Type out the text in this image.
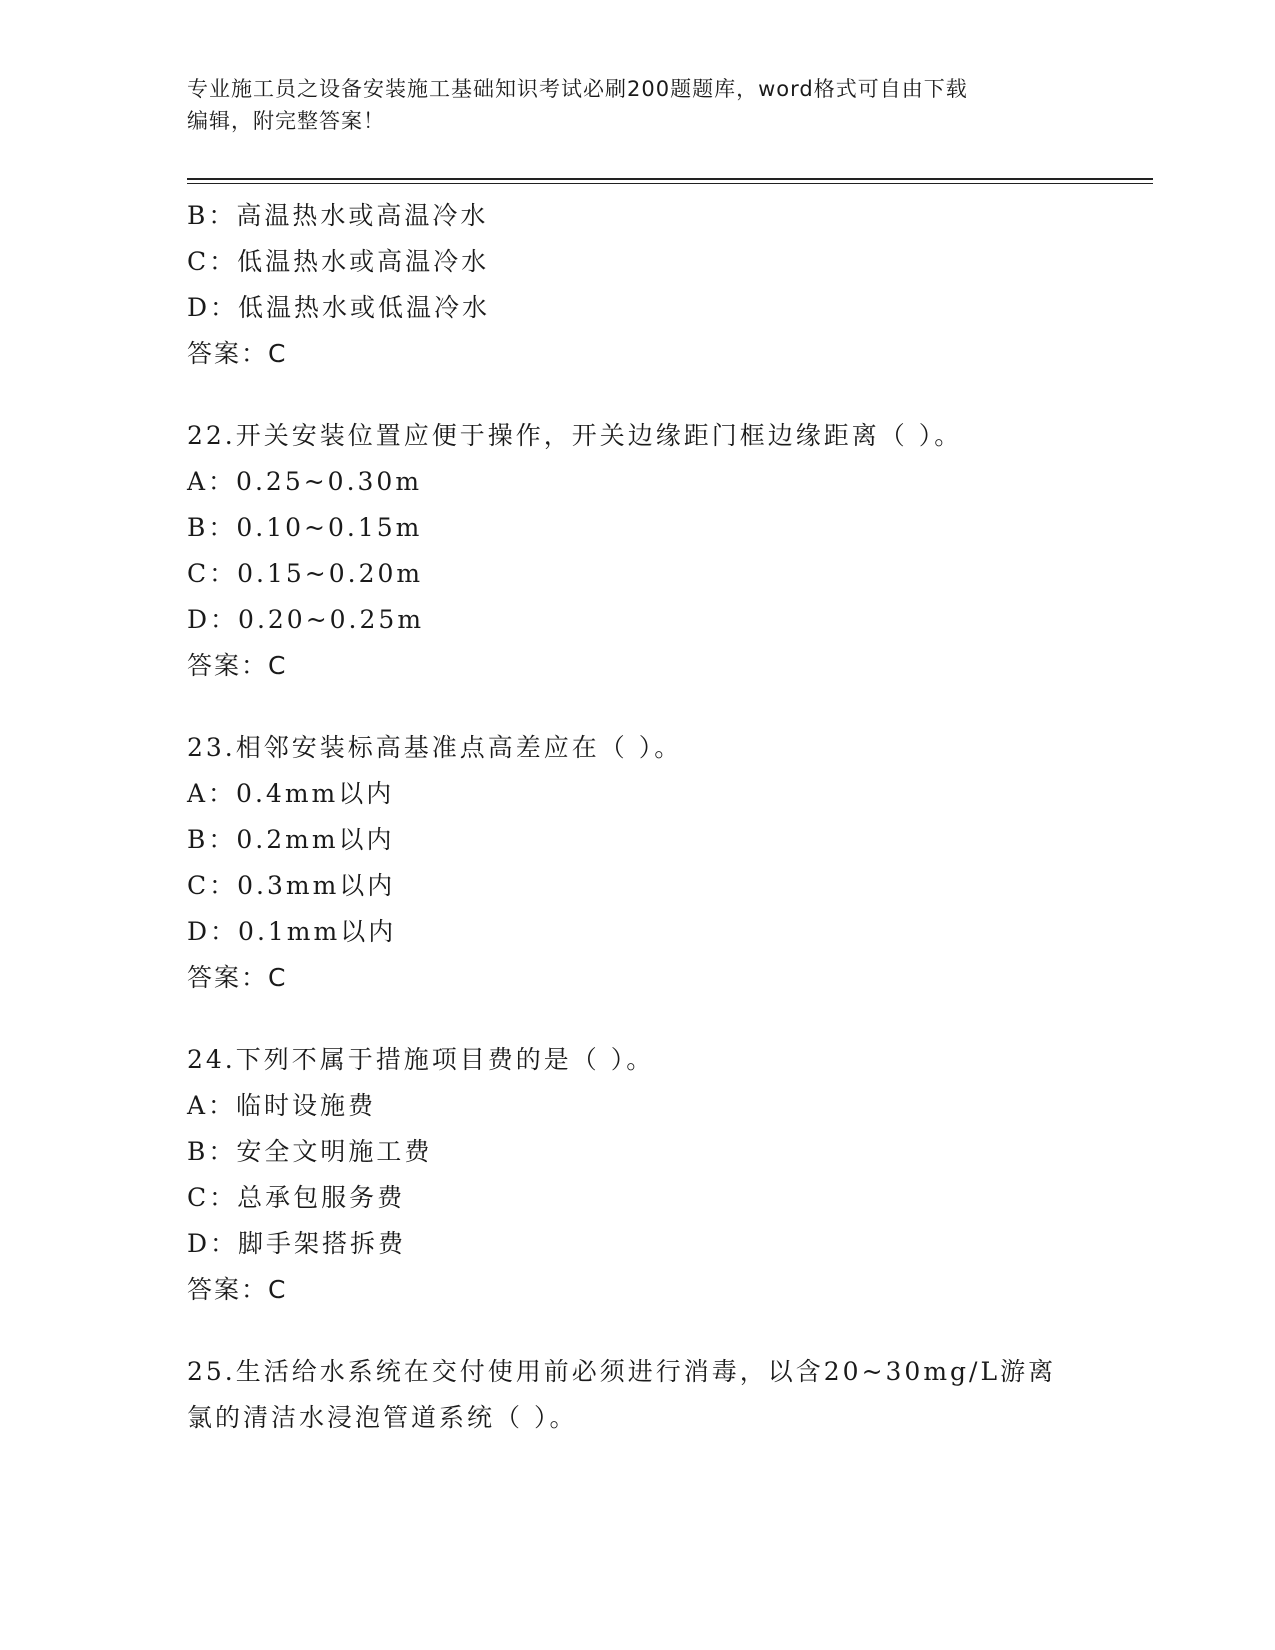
专业施工员之设备安装施工基础知识考试必刷200题题库，word格式可自由下载
编辑，附完整答案！
B：高温热水或高温冷水
C：低温热水或高温冷水
D：低温热水或低温冷水
答案：C
22.开关安装位置应便于操作，开关边缘距门框边缘距离（ ）。
A：0.25~0.30m
B：0.10~0.15m
C：0.15~0.20m
D：0.20~0.25m
答案：C
23.相邻安装标高基准点高差应在（ ）。
A：0.4mm以内
B：0.2mm以内
C：0.3mm以内
D：0.1mm以内
答案：C
24.下列不属于措施项目费的是（ ）。
A：临时设施费
B：安全文明施工费
C：总承包服务费
D：脚手架搭拆费
答案：C
25.生活给水系统在交付使用前必须进行消毒，以含20~30mg/L游离氯的清洁水浸泡管道系统（ ）。
